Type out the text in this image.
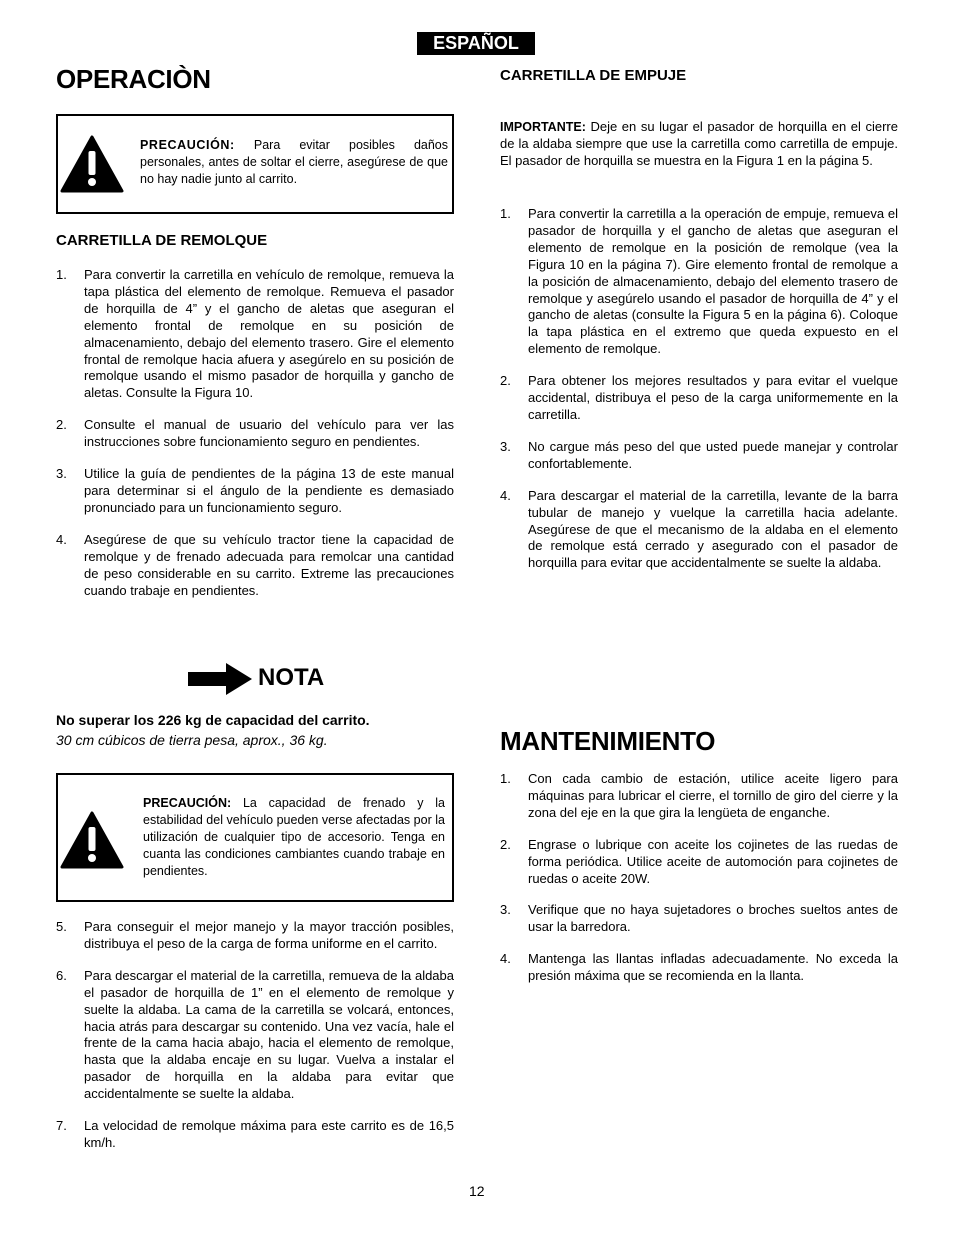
ESPAÑOL
OPERACIÒN
PRECAUCIÓN: Para evitar posibles daños personales, antes de soltar el cierre, asegúrese de que no hay nadie junto al carrito.
CARRETILLA DE REMOLQUE
1. Para convertir la carretilla en vehículo de remolque, remueva la tapa plástica del elemento de remolque. Remueva el pasador de horquilla de 4” y el gancho de aletas que aseguran el elemento frontal de remolque en su posición de almacenamiento, debajo del elemento trasero. Gire el elemento frontal de remolque hacia afuera y asegúrelo en su posición de remolque usando el mismo pasador de horquilla y gancho de aletas. Consulte la Figura 10.
2. Consulte el manual de usuario del vehículo para ver las instrucciones sobre funcionamiento seguro en pendientes.
3. Utilice la guía de pendientes de la página 13 de este manual para determinar si el ángulo de la pendiente es demasiado pronunciado para un funcionamiento seguro.
4. Asegúrese de que su vehículo tractor tiene la capacidad de remolque y de frenado adecuada para remolcar una cantidad de peso considerable en su carrito. Extreme las precauciones cuando trabaje en pendientes.
NOTA
No superar los 226 kg de capacidad del carrito.
30 cm cúbicos de tierra pesa, aprox., 36 kg.
PRECAUCIÓN: La capacidad de frenado y la estabilidad del vehículo pueden verse afectadas por la utilización de cualquier tipo de accesorio. Tenga en cuanta las condiciones cambiantes cuando trabaje en pendientes.
5. Para conseguir el mejor manejo y la mayor tracción posibles, distribuya el peso de la carga de forma uniforme en el carrito.
6. Para descargar el material de la carretilla, remueva de la aldaba el pasador de horquilla de 1” en el elemento de remolque y suelte la aldaba. La cama de la carretilla se volcará, entonces, hacia atrás para descargar su contenido. Una vez vacía, hale el frente de la cama hacia abajo, hacia el elemento de remolque, hasta que la aldaba encaje en su lugar. Vuelva a instalar el pasador de horquilla en la aldaba para evitar que accidentalmente se suelte la aldaba.
7. La velocidad de remolque máxima para este carrito es de 16,5 km/h.
CARRETILLA DE EMPUJE
IMPORTANTE: Deje en su lugar el pasador de horquilla en el cierre de la aldaba siempre que use la carretilla como carretilla de empuje. El pasador de horquilla se muestra en la Figura 1 en la página 5.
1. Para convertir la carretilla a la operación de empuje, remueva el pasador de horquilla y el gancho de aletas que aseguran el elemento de remolque en la posición de remolque (vea la Figura 10 en la página 7). Gire elemento frontal de remolque a la posición de almacenamiento, debajo del elemento trasero de remolque y asegúrelo usando el pasador de horquilla de 4” y el gancho de aletas (consulte la Figura 5 en la página 6). Coloque la tapa plástica en el extremo que queda expuesto en el elemento de remolque.
2. Para obtener los mejores resultados y para evitar el vuelque accidental, distribuya el peso de la carga uniformemente en la carretilla.
3. No cargue más peso del que usted puede manejar y controlar confortablemente.
4. Para descargar el material de la carretilla, levante de la barra tubular de manejo y vuelque la carretilla hacia adelante. Asegúrese de que el mecanismo de la aldaba en el elemento de remolque está cerrado y asegurado con el pasador de horquilla para evitar que accidentalmente se suelte la aldaba.
MANTENIMIENTO
1. Con cada cambio de estación, utilice aceite ligero para máquinas para lubricar el cierre, el tornillo de giro del cierre y la zona del eje en la que gira la lengüeta de enganche.
2. Engrase o lubrique con aceite los cojinetes de las ruedas de forma periódica. Utilice aceite de automoción para cojinetes de ruedas o aceite 20W.
3. Verifique que no haya sujetadores o broches sueltos antes de usar la barredora.
4. Mantenga las llantas infladas adecuadamente. No exceda la presión máxima que se recomienda en la llanta.
12
